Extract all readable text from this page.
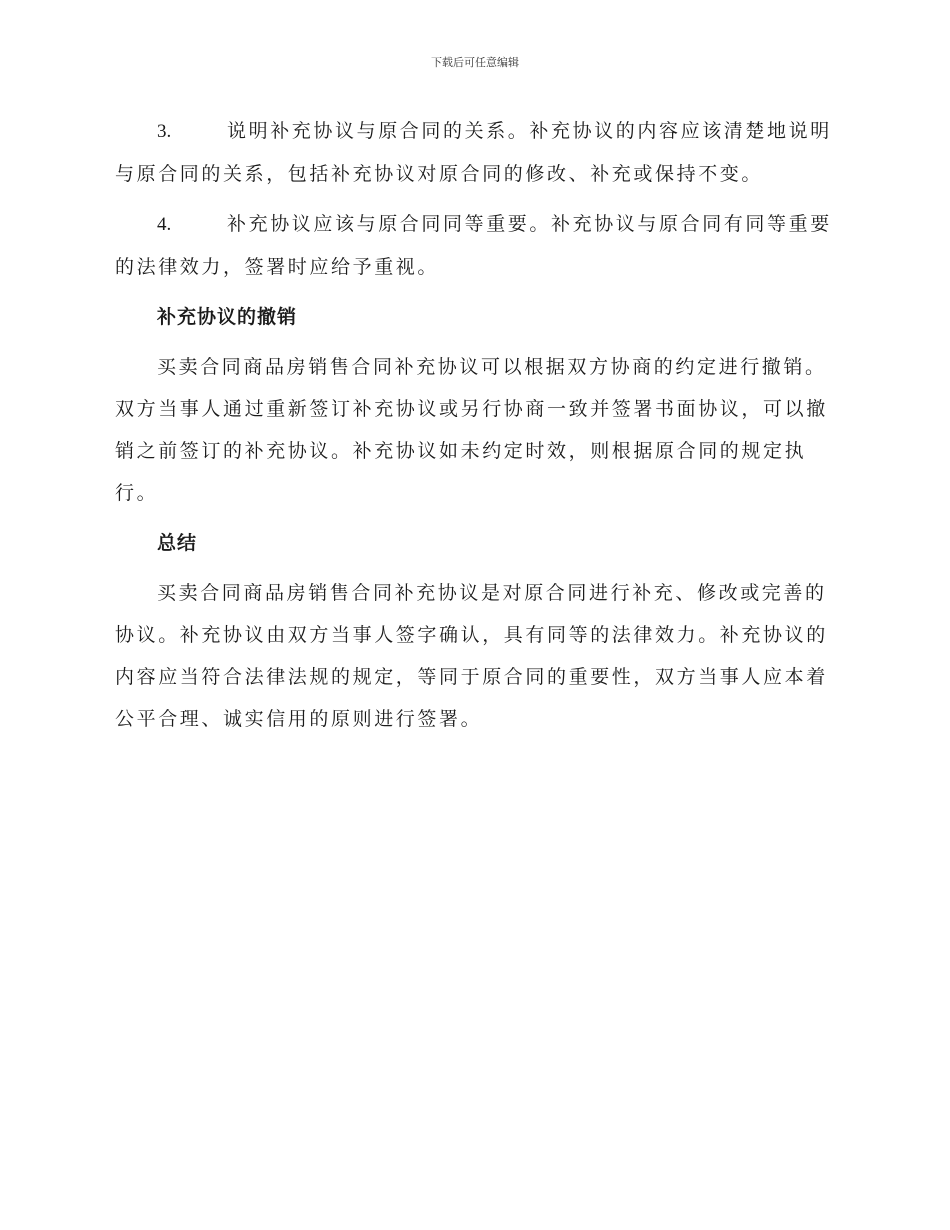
下载后可任意编辑

3.	说明补充协议与原合同的关系。补充协议的内容应该清楚地说明与原合同的关系，包括补充协议对原合同的修改、补充或保持不变。

4.	补充协议应该与原合同同等重要。补充协议与原合同有同等重要的法律效力，签署时应给予重视。

补充协议的撤销

买卖合同商品房销售合同补充协议可以根据双方协商的约定进行撤销。双方当事人通过重新签订补充协议或另行协商一致并签署书面协议，可以撤销之前签订的补充协议。补充协议如未约定时效，则根据原合同的规定执行。

总结

买卖合同商品房销售合同补充协议是对原合同进行补充、修改或完善的协议。补充协议由双方当事人签字确认，具有同等的法律效力。补充协议的内容应当符合法律法规的规定，等同于原合同的重要性，双方当事人应本着公平合理、诚实信用的原则进行签署。
